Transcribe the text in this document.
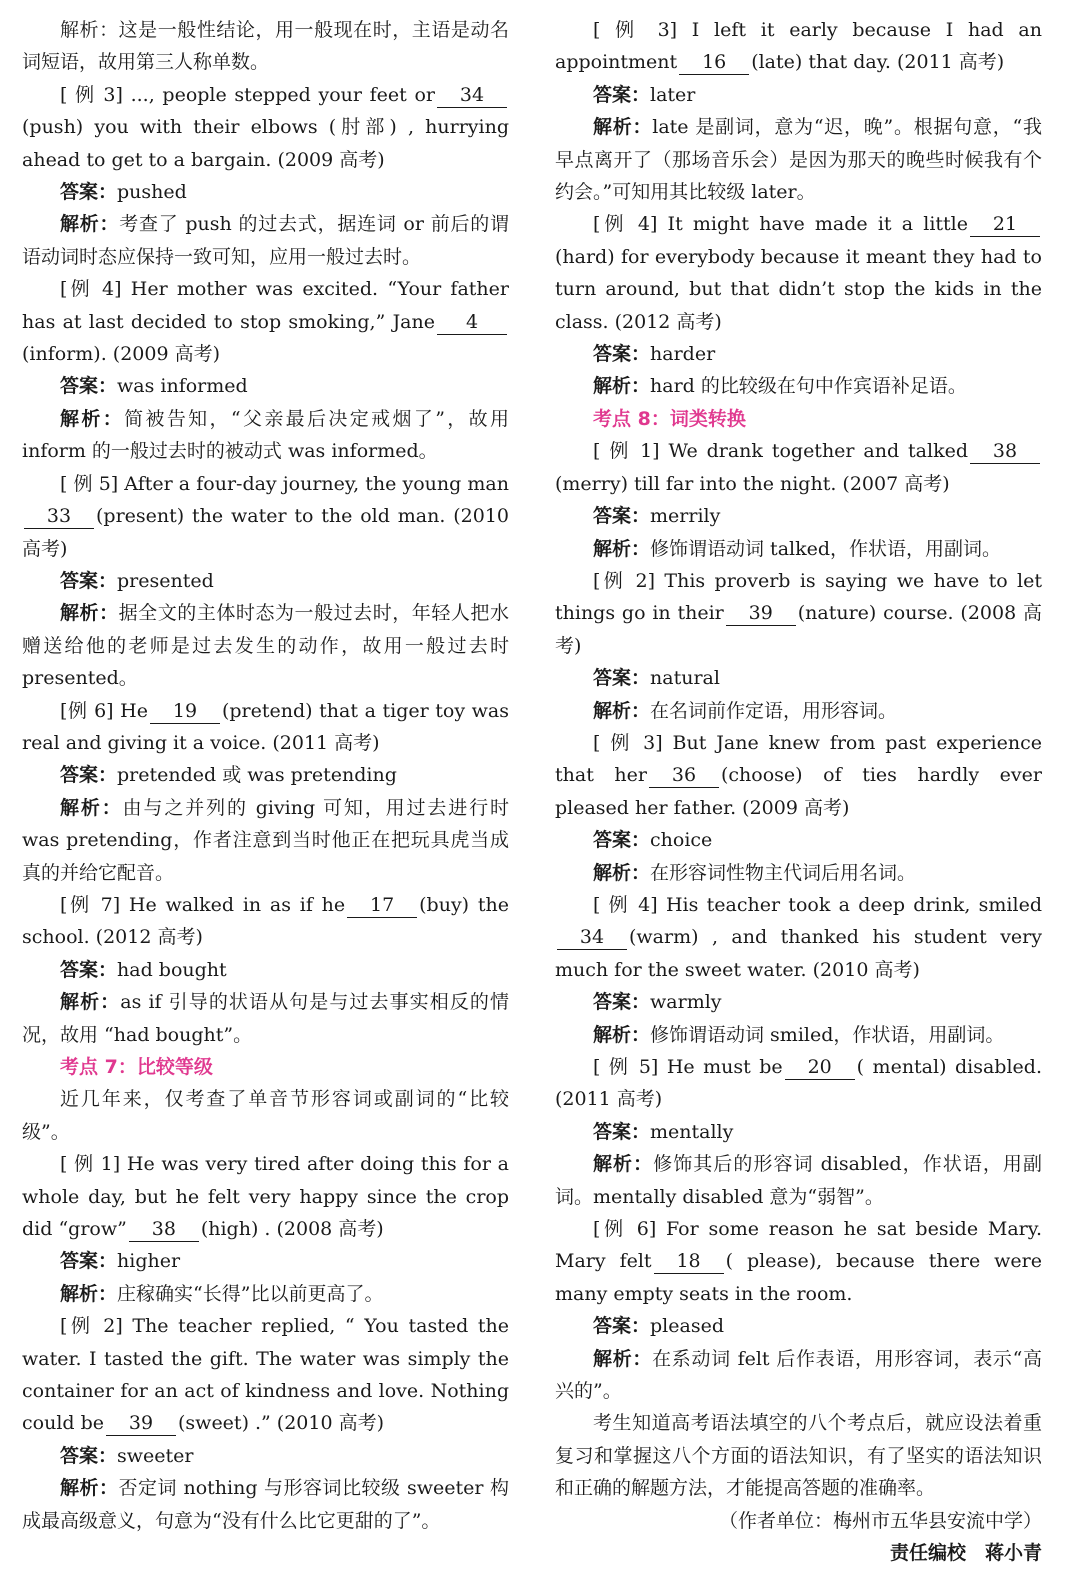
解析：这是一般性结论，用一般现在时，主语是动名词短语，故用第三人称单数。

[ 例 3] ..., people stepped your feet or 34(push) you with their elbows (肘部) , hurrying ahead to get to a bargain. (2009 高考)

答案：pushed

解析：考查了 push 的过去式，据连词 or 前后的谓语动词时态应保持一致可知，应用一般过去时。

[例 4] Her mother was excited. “Your father has at last decided to stop smoking,” Jane 4(inform). (2009 高考)

答案：was informed

解析：简被告知，“父亲最后决定戒烟了”，故用 inform 的一般过去时的被动式 was informed。

[ 例 5] After a four-day journey, the young man 33 (present) the water to the old man. (2010 高考)

答案：presented

解析：据全文的主体时态为一般过去时，年轻人把水赠送给他的老师是过去发生的动作，故用一般过去时 presented。

[例 6] He 19 (pretend) that a tiger toy was real and giving it a voice. (2011 高考)

答案：pretended 或 was pretending

解析：由与之并列的 giving 可知，用过去进行时 was pretending，作者注意到当时他正在把玩具虎当成真的并给它配音。

[例 7] He walked in as if he 17 (buy) the school. (2012 高考)

答案：had bought

解析：as if 引导的状语从句是与过去事实相反的情况，故用 “had bought”。

考点 7：比较等级

近几年来，仅考查了单音节形容词或副词的“比较级”。

[ 例 1] He was very tired after doing this for a whole day, but he felt very happy since the crop did “grow” 38 (high) . (2008 高考)

答案：higher

解析：庄稼确实“长得”比以前更高了。

[例 2] The teacher replied, “ You tasted the water. I tasted the gift. The water was simply the container for an act of kindness and love. Nothing could be 39 (sweet) .” (2010 高考)

答案：sweeter

解析：否定词 nothing 与形容词比较级 sweeter 构成最高级意义，句意为“没有什么比它更甜的了”。

[ 例 3] I left it early because I had an appointment 16 (late) that day. (2011 高考)

答案：later

解析：late 是副词，意为“迟，晚”。根据句意，“我早点离开了（那场音乐会）是因为那天的晚些时候我有个约会。”可知用其比较级 later。

[例 4] It might have made it a little 21(hard) for everybody because it meant they had to turn around, but that didn’t stop the kids in the class. (2012 高考)

答案：harder

解析：hard 的比较级在句中作宾语补足语。

考点 8：词类转换

[ 例 1] We drank together and talked 38(merry) till far into the night. (2007 高考)

答案：merrily

解析：修饰谓语动词 talked，作状语，用副词。

[例 2] This proverb is saying we have to let things go in their 39 (nature) course. (2008 高考)

答案：natural

解析：在名词前作定语，用形容词。

[ 例 3] But Jane knew from past experience that her 36 (choose) of ties hardly ever pleased her father. (2009 高考)

答案：choice

解析：在形容词性物主代词后用名词。

[ 例 4] His teacher took a deep drink, smiled 34 (warm) , and thanked his student very much for the sweet water. (2010 高考)

答案：warmly

解析：修饰谓语动词 smiled，作状语，用副词。

[ 例 5] He must be 20 ( mental) disabled. (2011 高考)

答案：mentally

解析：修饰其后的形容词 disabled，作状语，用副词。mentally disabled 意为“弱智”。

[例 6] For some reason he sat beside Mary. Mary felt 18 ( please), because there were many empty seats in the room.

答案：pleased

解析：在系动词 felt 后作表语，用形容词，表示“高兴的”。

考生知道高考语法填空的八个考点后，就应设法着重复习和掌握这八个方面的语法知识，有了坚实的语法知识和正确的解题方法，才能提高答题的准确率。

（作者单位：梅州市五华县安流中学）

责任编校　蒋小青
